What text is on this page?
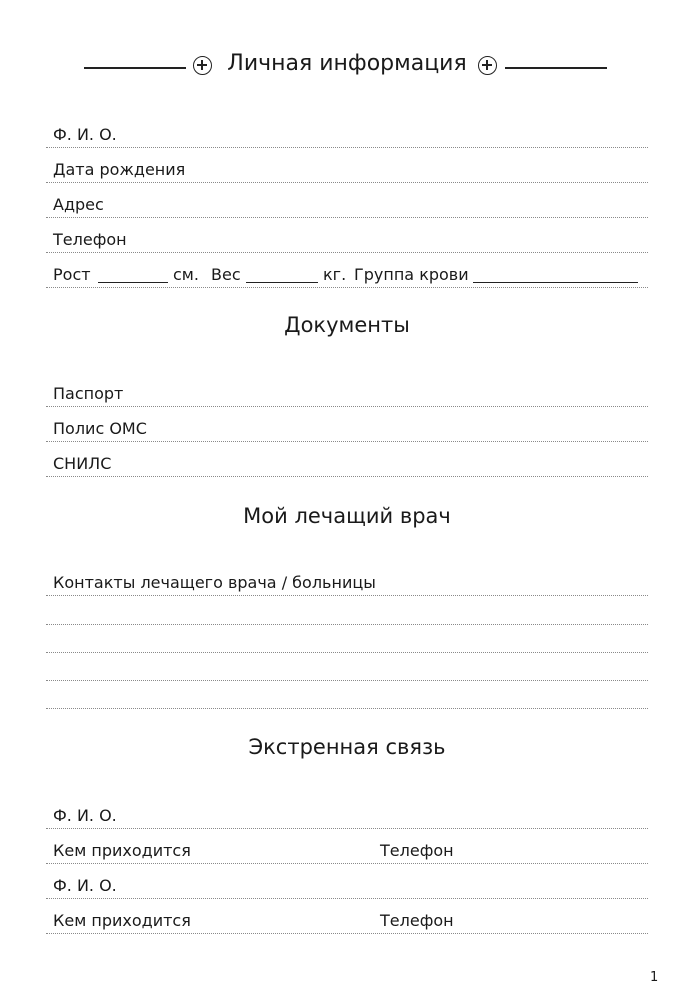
Личная информация
Ф. И. О.
Дата рождения
Адрес
Телефон
Рост	см. Вес	кг. Группа крови
Документы
Паспорт
Полис ОМС
СНИЛС
Мой лечащий врач
Контакты лечащего врача / больницы
Экстренная связь
Ф. И. О.
Кем приходится	Телефон
Ф. И. О.
Кем приходится	Телефон
1
